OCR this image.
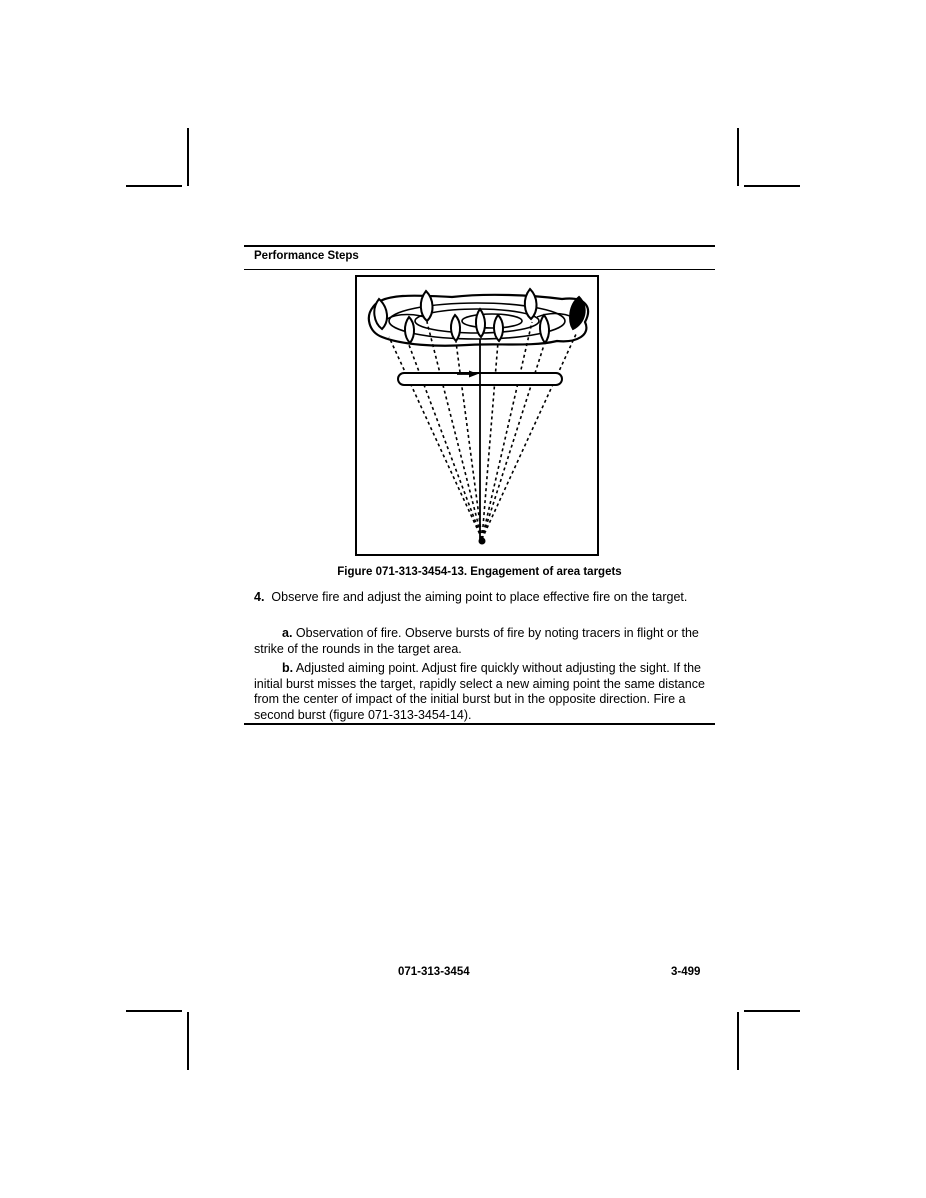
Performance Steps
Figure 071-313-3454-13. Engagement of area targets
4. Observe fire and adjust the aiming point to place effective fire on the target.
a. Observation of fire. Observe bursts of fire by noting tracers in flight or the strike of the rounds in the target area.
b. Adjusted aiming point. Adjust fire quickly without adjusting the sight. If the initial burst misses the target, rapidly select a new aiming point the same distance from the center of impact of the initial burst but in the opposite direction. Fire a second burst (figure 071-313-3454-14).
071-313-3454	3-499
